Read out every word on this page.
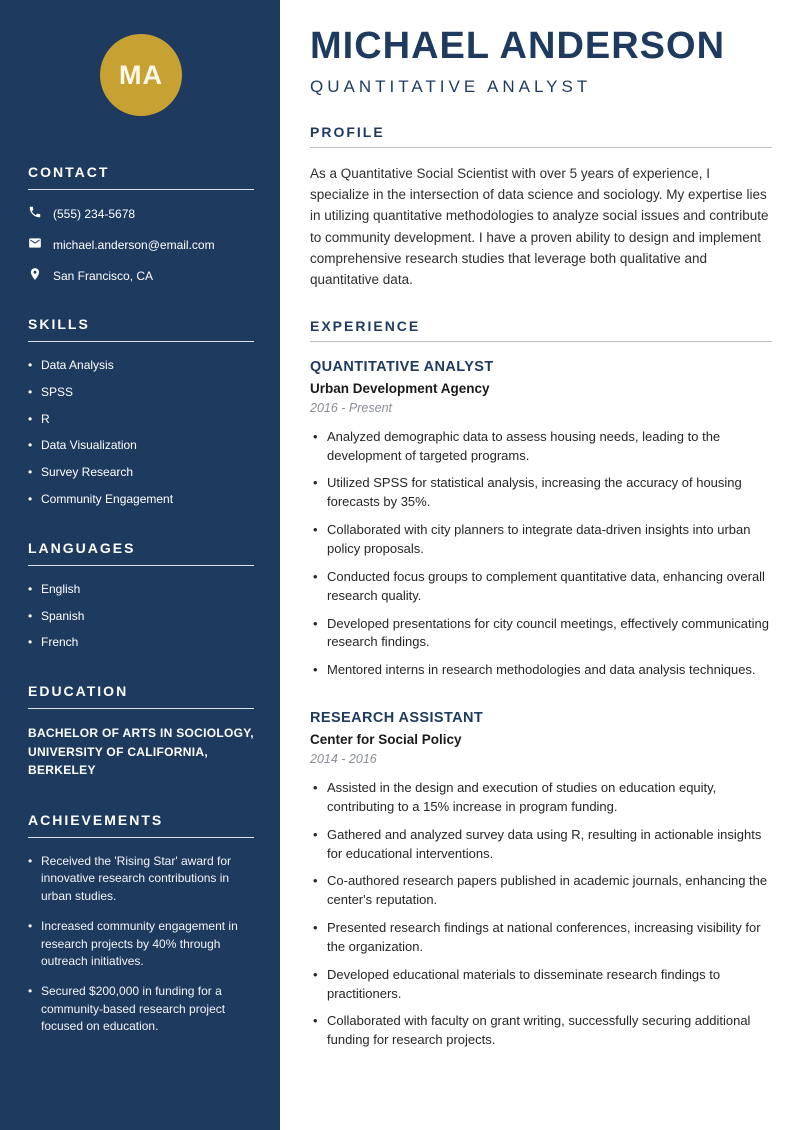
MA
CONTACT
(555) 234-5678
michael.anderson@email.com
San Francisco, CA
SKILLS
• Data Analysis
• SPSS
• R
• Data Visualization
• Survey Research
• Community Engagement
LANGUAGES
• English
• Spanish
• French
EDUCATION
BACHELOR OF ARTS IN SOCIOLOGY, UNIVERSITY OF CALIFORNIA, BERKELEY
ACHIEVEMENTS
• Received the 'Rising Star' award for innovative research contributions in urban studies.
• Increased community engagement in research projects by 40% through outreach initiatives.
• Secured $200,000 in funding for a community-based research project focused on education.
MICHAEL ANDERSON
QUANTITATIVE ANALYST
PROFILE

As a Quantitative Social Scientist with over 5 years of experience, I specialize in the intersection of data science and sociology. My expertise lies in utilizing quantitative methodologies to analyze social issues and contribute to community development. I have a proven ability to design and implement comprehensive research studies that leverage both qualitative and quantitative data.

EXPERIENCE
QUANTITATIVE ANALYST
Urban Development Agency
2016 - Present
• Analyzed demographic data to assess housing needs, leading to the development of targeted programs.
• Utilized SPSS for statistical analysis, increasing the accuracy of housing forecasts by 35%.
• Collaborated with city planners to integrate data-driven insights into urban policy proposals.
• Conducted focus groups to complement quantitative data, enhancing overall research quality.
• Developed presentations for city council meetings, effectively communicating research findings.
• Mentored interns in research methodologies and data analysis techniques.
RESEARCH ASSISTANT
Center for Social Policy
2014 - 2016
• Assisted in the design and execution of studies on education equity, contributing to a 15% increase in program funding.
• Gathered and analyzed survey data using R, resulting in actionable insights for educational interventions.
• Co-authored research papers published in academic journals, enhancing the center's reputation.
• Presented research findings at national conferences, increasing visibility for the organization.
• Developed educational materials to disseminate research findings to practitioners.
• Collaborated with faculty on grant writing, successfully securing additional funding for research projects.
